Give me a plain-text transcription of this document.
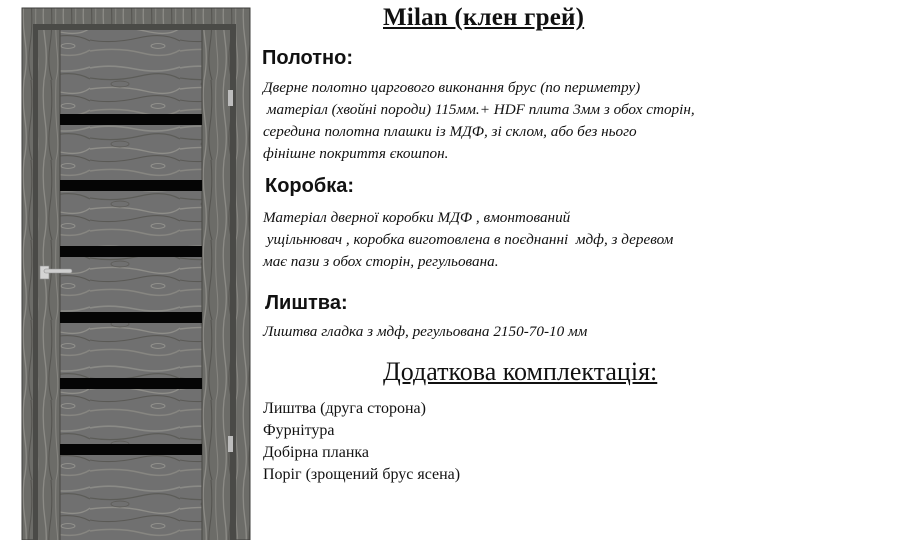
Milan (клен грей)
Полотно:
Дверне полотно царгового виконання брус (по периметру)
матеріал (хвойні породи) 115мм.+ HDF плита 3мм з обох сторін,
середина полотна плашки із МДФ, зі склом, або без нього
фінішне покриття єкошпон.
Коробка:
Матеріал дверної коробки МДФ , вмонтований
ущільнювач , коробка виготовлена в поєднанні  мдф, з деревом
має пази з обох сторін, регульована.
Лиштва:
Лиштва гладка з мдф, регульована 2150-70-10 мм
Додаткова комплектація:
Лиштва (друга сторона)
Фурнітура
Добірна планка
Поріг (зрощений брус ясена)
